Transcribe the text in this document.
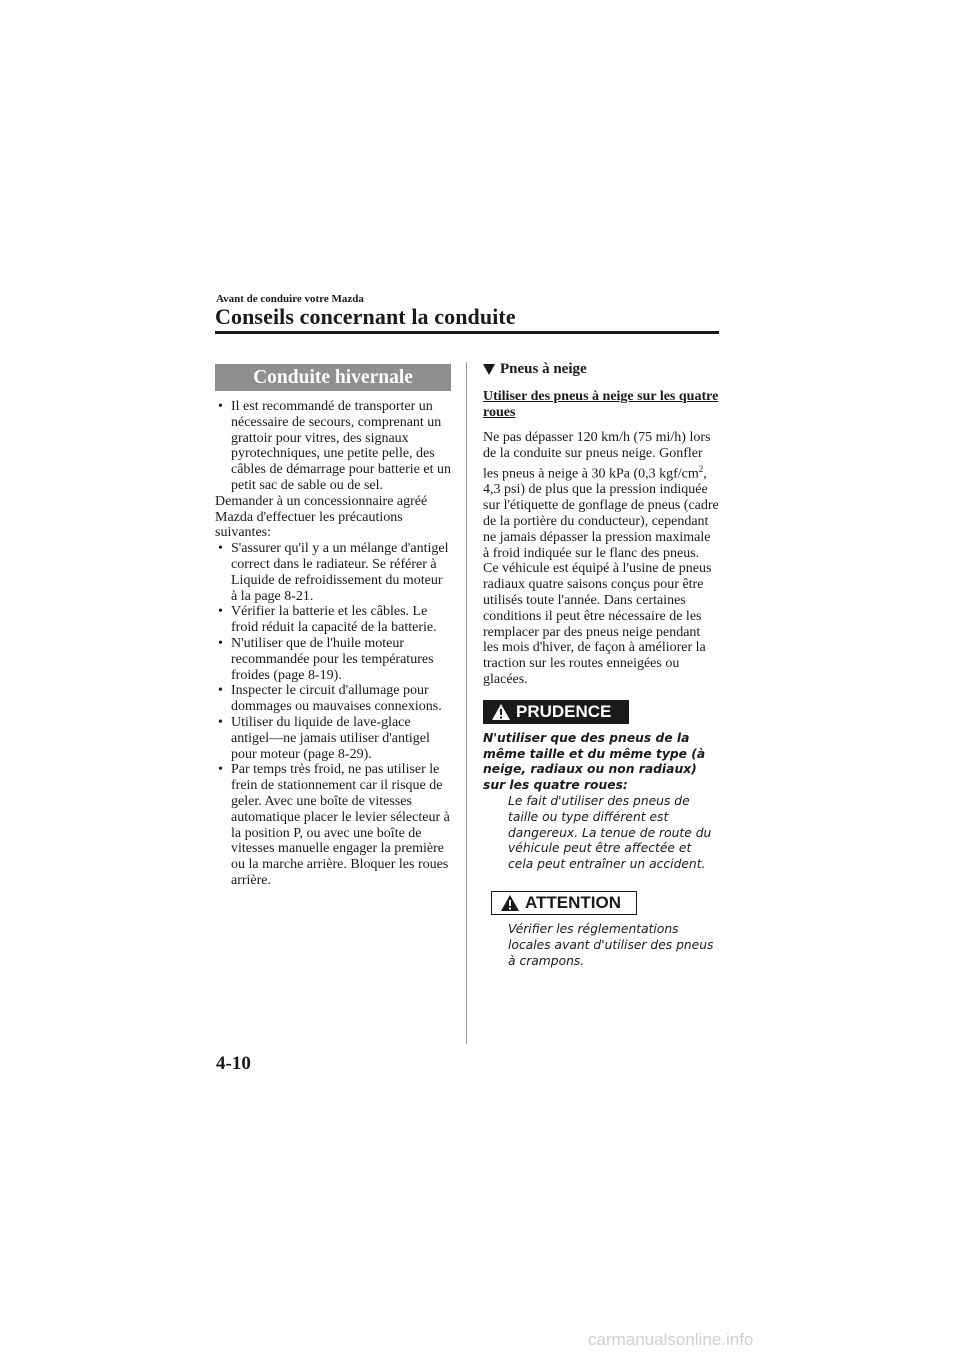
Avant de conduire votre Mazda
Conseils concernant la conduite
Conduite hivernale
• Il est recommandé de transporter un nécessaire de secours, comprenant un grattoir pour vitres, des signaux pyrotechniques, une petite pelle, des câbles de démarrage pour batterie et un petit sac de sable ou de sel.
Demander à un concessionnaire agréé Mazda d'effectuer les précautions suivantes:
• S'assurer qu'il y a un mélange d'antigel correct dans le radiateur. Se référer à Liquide de refroidissement du moteur à la page 8-21.
• Vérifier la batterie et les câbles. Le froid réduit la capacité de la batterie.
• N'utiliser que de l'huile moteur recommandée pour les températures froides (page 8-19).
• Inspecter le circuit d'allumage pour dommages ou mauvaises connexions.
• Utiliser du liquide de lave-glace antigel—ne jamais utiliser d'antigel pour moteur (page 8-29).
• Par temps très froid, ne pas utiliser le frein de stationnement car il risque de geler. Avec une boîte de vitesses automatique placer le levier sélecteur à la position P, ou avec une boîte de vitesses manuelle engager la première ou la marche arrière. Bloquer les roues arrière.
Pneus à neige
Utiliser des pneus à neige sur les quatre roues
Ne pas dépasser 120 km/h (75 mi/h) lors de la conduite sur pneus neige. Gonfler les pneus à neige à 30 kPa (0,3 kgf/$cm^2$, 4,3 psi) de plus que la pression indiquée sur l'étiquette de gonflage de pneus (cadre de la portière du conducteur), cependant ne jamais dépasser la pression maximale à froid indiquée sur le flanc des pneus.
Ce véhicule est équipé à l'usine de pneus radiaux quatre saisons conçus pour être utilisés toute l'année. Dans certaines conditions il peut être nécessaire de les remplacer par des pneus neige pendant les mois d'hiver, de façon à améliorer la traction sur les routes enneigées ou glacées.
PRUDENCE
N'utiliser que des pneus de la même taille et du même type (à neige, radiaux ou non radiaux) sur les quatre roues:
Le fait d'utiliser des pneus de taille ou type différent est dangereux. La tenue de route du véhicule peut être affectée et cela peut entraîner un accident.
ATTENTION
Vérifier les réglementations locales avant d'utiliser des pneus à crampons.
4-10
carmanualsonline.info
